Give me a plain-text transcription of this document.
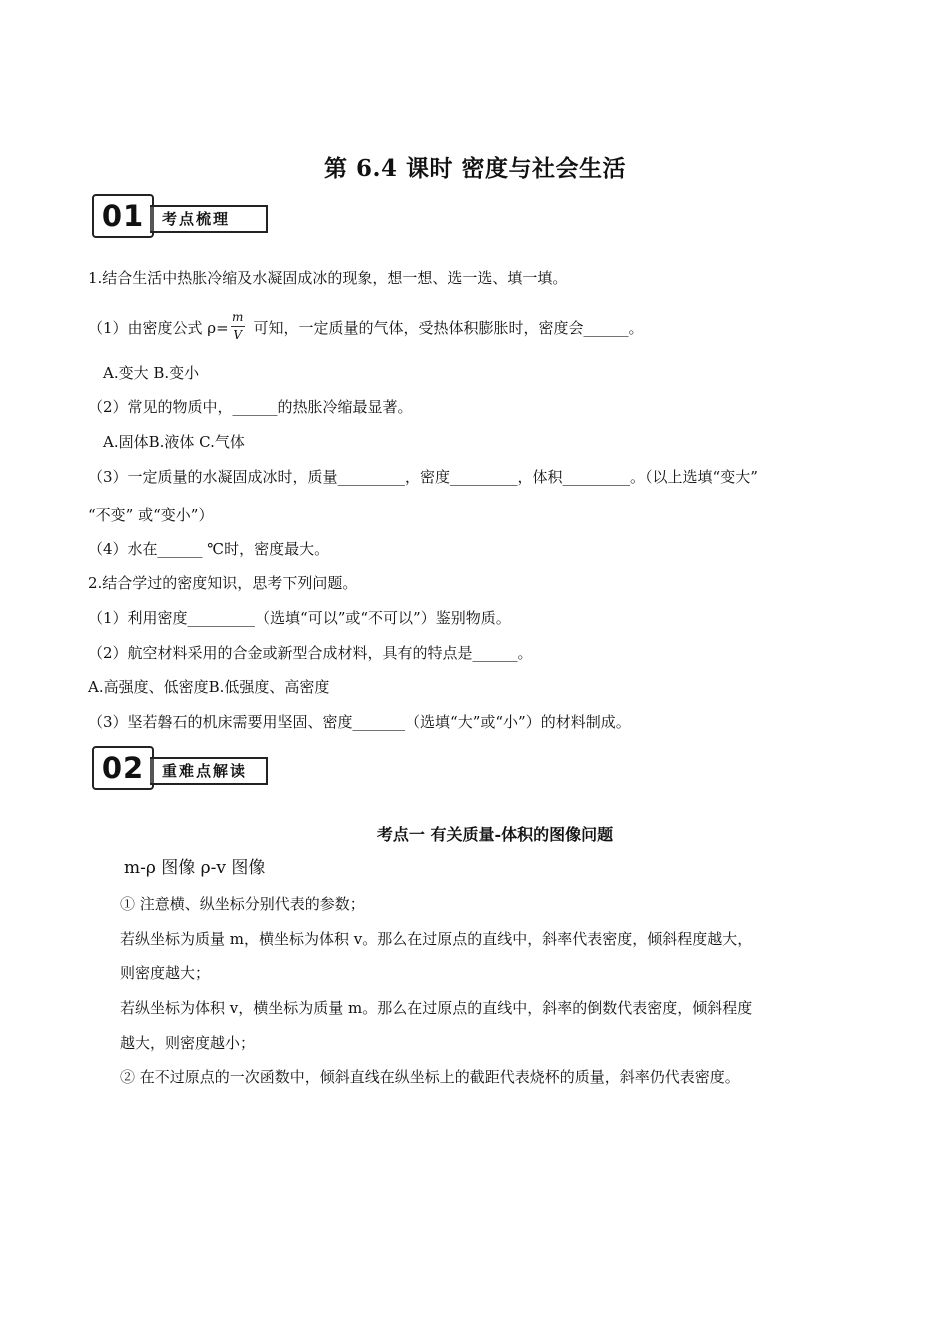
第 6.4 课时 密度与社会生活
01	考点梳理
1.结合生活中热胀冷缩及水凝固成冰的现象，想一想、选一选、填一填。
（1）由密度公式 $\rho= \frac{m}{V}$ 可知，一定质量的气体，受热体积膨胀时，密度会______。
A.变大 B.变小
（2）常见的物质中，______的热胀冷缩最显著。
A.固体B.液体 C.气体
（3）一定质量的水凝固成冰时，质量_________，密度_________，体积_________。（以上选填“变大”
“不变” 或“变小”）
（4）水在______ ℃时，密度最大。
2.结合学过的密度知识，思考下列问题。
（1）利用密度_________（选填“可以”或“不可以”）鉴别物质。
（2）航空材料采用的合金或新型合成材料，具有的特点是______。
A.高强度、低密度B.低强度、高密度
（3）坚若磐石的机床需要用坚固、密度_______（选填“大”或“小”）的材料制成。
02	重难点解读
考点一 有关质量-体积的图像问题
m-ρ 图像 ρ-v 图像
① 注意横、纵坐标分别代表的参数；
若纵坐标为质量 m，横坐标为体积 v。那么在过原点的直线中，斜率代表密度，倾斜程度越大，
则密度越大；
若纵坐标为体积 v，横坐标为质量 m。那么在过原点的直线中，斜率的倒数代表密度，倾斜程度
越大，则密度越小；
② 在不过原点的一次函数中，倾斜直线在纵坐标上的截距代表烧杯的质量，斜率仍代表密度。
